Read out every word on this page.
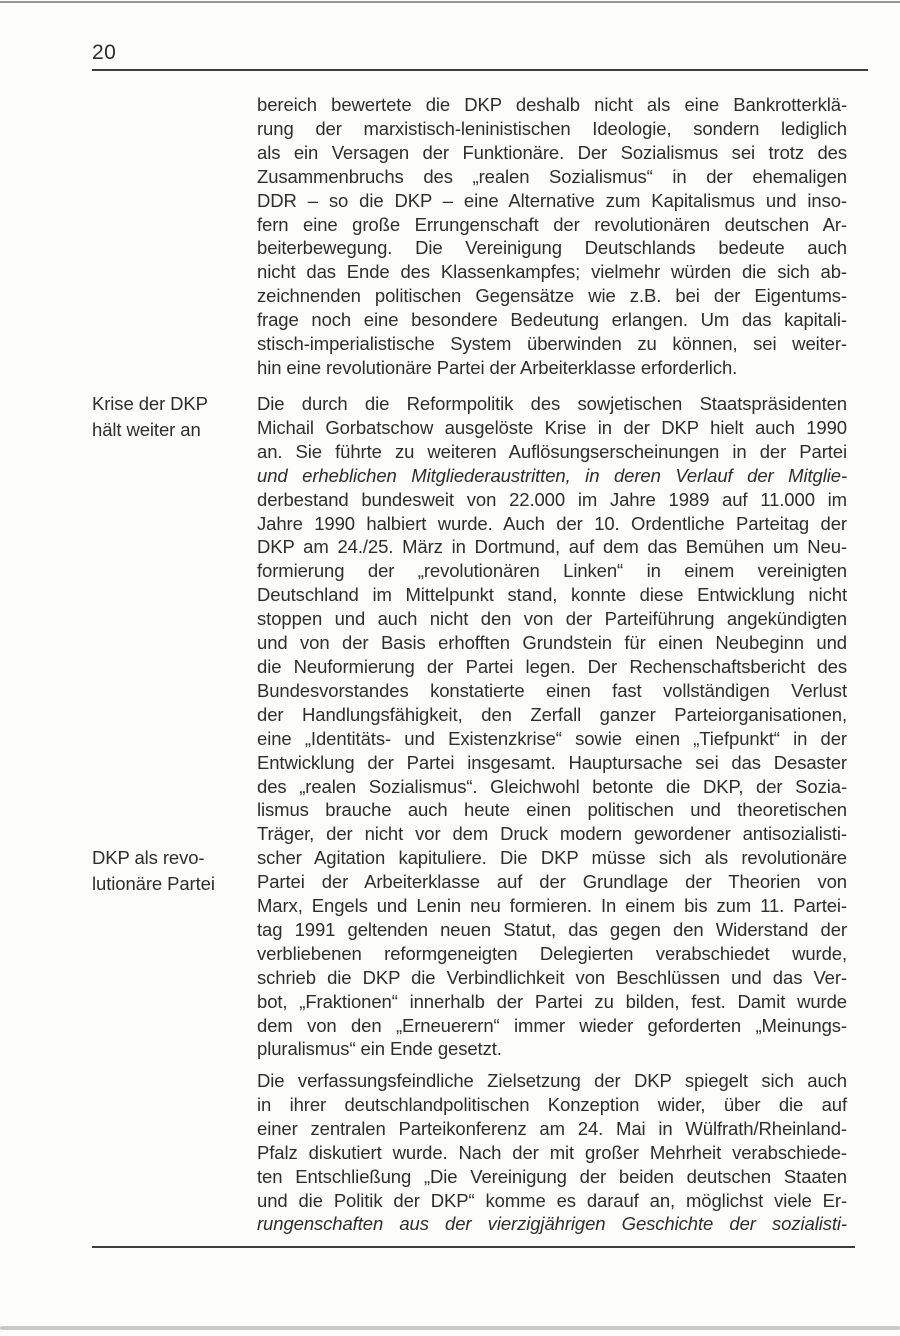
20
Krise der DKP
hält weiter an
DKP als revo-
lutionäre Partei

bereich bewertete die DKP deshalb nicht als eine Bankrotterklä-
rung der marxistisch-leninistischen Ideologie, sondern lediglich
als ein Versagen der Funktionäre. Der Sozialismus sei trotz des
Zusammenbruchs des „realen Sozialismus“ in der ehemaligen
DDR – so die DKP – eine Alternative zum Kapitalismus und inso-
fern eine große Errungenschaft der revolutionären deutschen Ar-
beiterbewegung. Die Vereinigung Deutschlands bedeute auch
nicht das Ende des Klassenkampfes; vielmehr würden die sich ab-
zeichnenden politischen Gegensätze wie z.B. bei der Eigentums-
frage noch eine besondere Bedeutung erlangen. Um das kapitali-
stisch-imperialistische System überwinden zu können, sei weiter-
hin eine revolutionäre Partei der Arbeiterklasse erforderlich.

Die durch die Reformpolitik des sowjetischen Staatspräsidenten
Michail Gorbatschow ausgelöste Krise in der DKP hielt auch 1990
an. Sie führte zu weiteren Auflösungserscheinungen in der Partei
und erheblichen Mitgliederaustritten, in deren Verlauf der Mitglie-
derbestand bundesweit von 22.000 im Jahre 1989 auf 11.000 im
Jahre 1990 halbiert wurde. Auch der 10. Ordentliche Parteitag der
DKP am 24./25. März in Dortmund, auf dem das Bemühen um Neu-
formierung der „revolutionären Linken“ in einem vereinigten
Deutschland im Mittelpunkt stand, konnte diese Entwicklung nicht
stoppen und auch nicht den von der Parteiführung angekündigten
und von der Basis erhofften Grundstein für einen Neubeginn und
die Neuformierung der Partei legen. Der Rechenschaftsbericht des
Bundesvorstandes konstatierte einen fast vollständigen Verlust
der Handlungsfähigkeit, den Zerfall ganzer Parteiorganisationen,
eine „Identitäts- und Existenzkrise“ sowie einen „Tiefpunkt“ in der
Entwicklung der Partei insgesamt. Hauptursache sei das Desaster
des „realen Sozialismus“. Gleichwohl betonte die DKP, der Sozia-
lismus brauche auch heute einen politischen und theoretischen
Träger, der nicht vor dem Druck modern gewordener antisozialisti-
scher Agitation kapituliere. Die DKP müsse sich als revolutionäre
Partei der Arbeiterklasse auf der Grundlage der Theorien von
Marx, Engels und Lenin neu formieren. In einem bis zum 11. Partei-
tag 1991 geltenden neuen Statut, das gegen den Widerstand der
verbliebenen reformgeneigten Delegierten verabschiedet wurde,
schrieb die DKP die Verbindlichkeit von Beschlüssen und das Ver-
bot, „Fraktionen“ innerhalb der Partei zu bilden, fest. Damit wurde
dem von den „Erneuerern“ immer wieder geforderten „Meinungs-
pluralismus“ ein Ende gesetzt.

Die verfassungsfeindliche Zielsetzung der DKP spiegelt sich auch
in ihrer deutschlandpolitischen Konzeption wider, über die auf
einer zentralen Parteikonferenz am 24. Mai in Wülfrath/Rheinland-
Pfalz diskutiert wurde. Nach der mit großer Mehrheit verabschiede-
ten Entschließung „Die Vereinigung der beiden deutschen Staaten
und die Politik der DKP“ komme es darauf an, möglichst viele Er-
rungenschaften aus der vierzigjährigen Geschichte der sozialisti-
